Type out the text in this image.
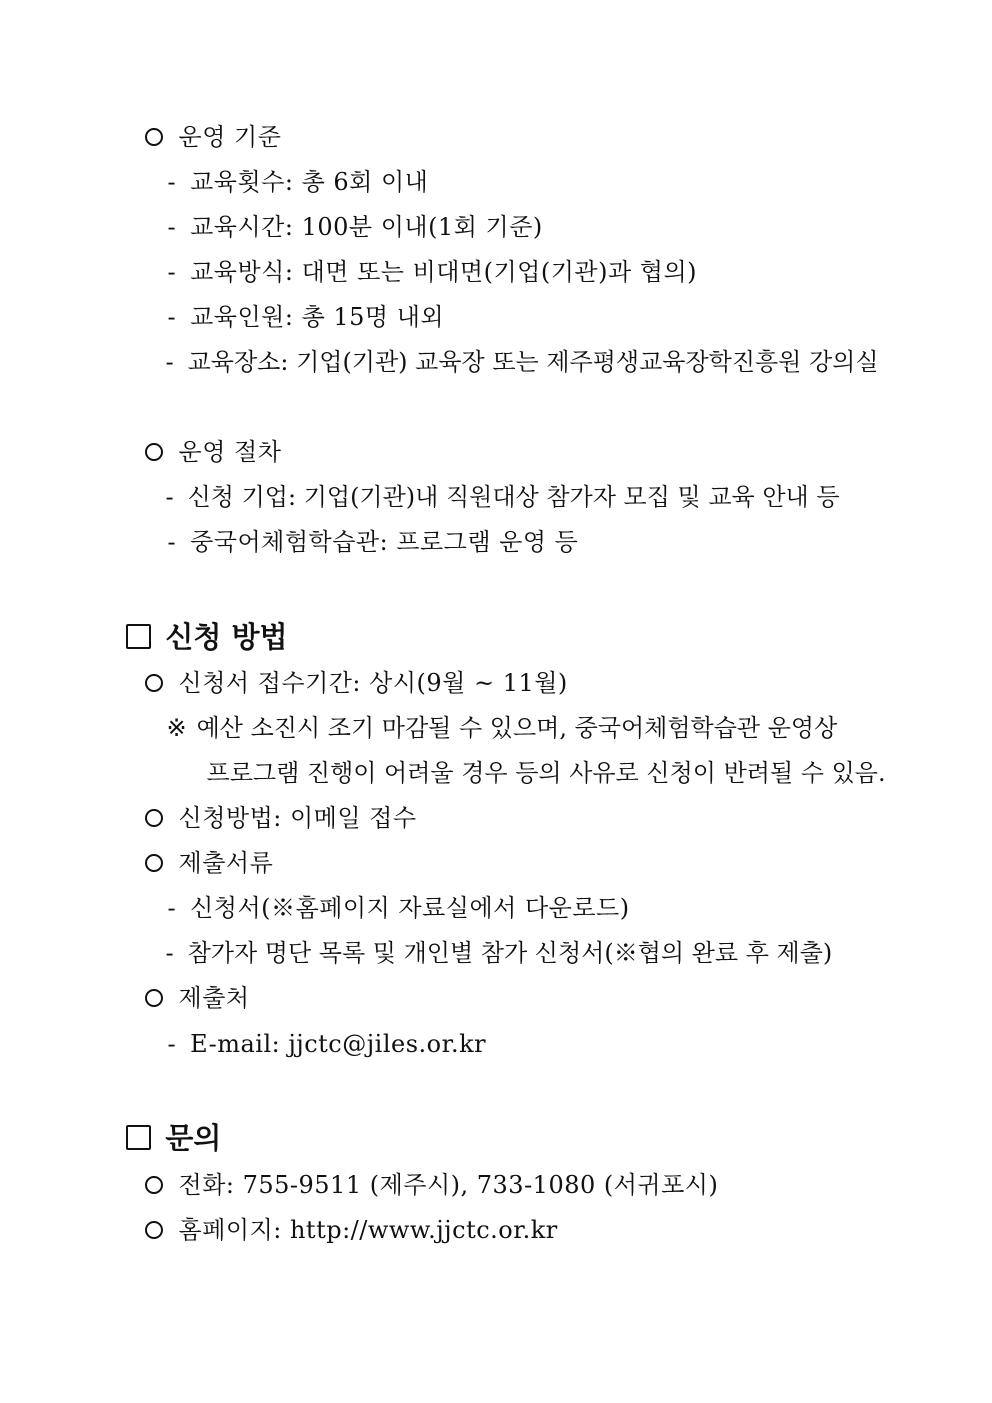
운영 기준

- 교육횟수: 총 6회 이내

- 교육시간: 100분 이내(1회 기준)

- 교육방식: 대면 또는 비대면(기업(기관)과 협의)

- 교육인원: 총 15명 내외

- 교육장소: 기업(기관) 교육장 또는 제주평생교육장학진흥원 강의실

운영 절차

- 신청 기업: 기업(기관)내 직원대상 참가자 모집 및 교육 안내 등

- 중국어체험학습관: 프로그램 운영 등

신청 방법

신청서 접수기간: 상시(9월 ~ 11월)

※ 예산 소진시 조기 마감될 수 있으며, 중국어체험학습관 운영상

프로그램 진행이 어려울 경우 등의 사유로 신청이 반려될 수 있음.

신청방법: 이메일 접수

제출서류

- 신청서(※홈페이지 자료실에서 다운로드)

- 참가자 명단 목록 및 개인별 참가 신청서(※협의 완료 후 제출)

제출처

- E-mail: jjctc@jiles.or.kr

문의

전화: 755-9511 (제주시), 733-1080 (서귀포시)

홈페이지: http://www.jjctc.or.kr
